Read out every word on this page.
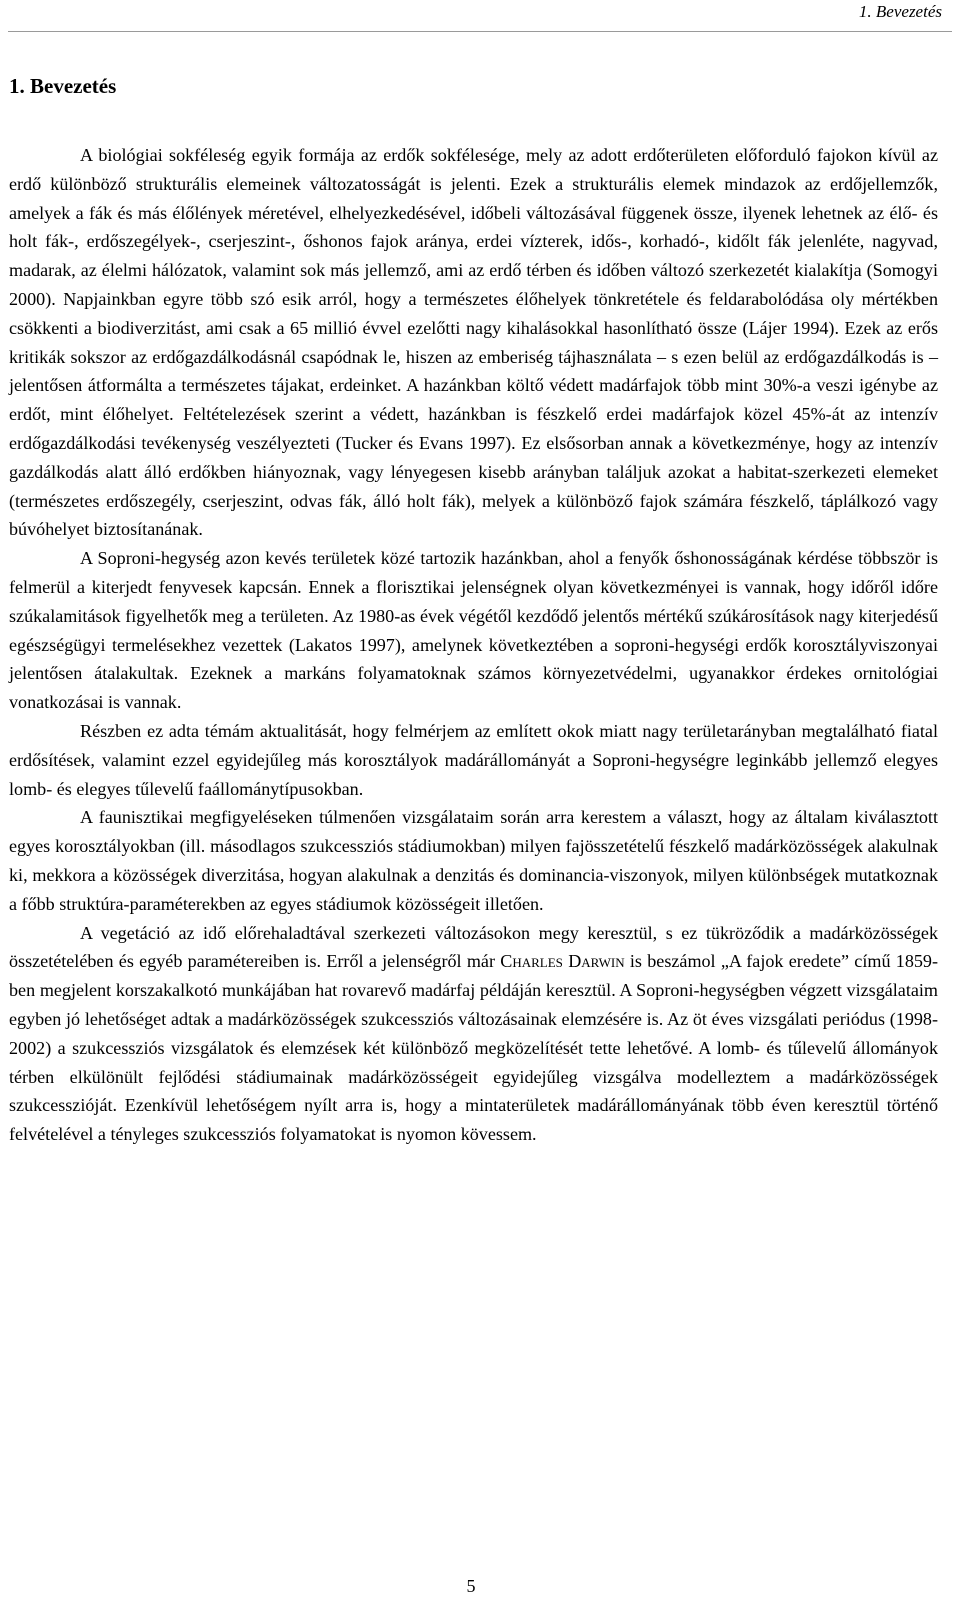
1. Bevezetés
1. Bevezetés

A biológiai sokféleség egyik formája az erdők sokfélesége, mely az adott erdőterületen előforduló fajokon kívül az erdő különböző strukturális elemeinek változatosságát is jelenti. Ezek a strukturális elemek mindazok az erdőjellemzők, amelyek a fák és más élőlények méretével, elhelyezkedésével, időbeli változásával függenek össze, ilyenek lehetnek az élő- és holt fák-, erdőszegélyek-, cserjeszint-, őshonos fajok aránya, erdei vízterek, idős-, korhadó-, kidőlt fák jelenléte, nagyvad, madarak, az élelmi hálózatok, valamint sok más jellemző, ami az erdő térben és időben változó szerkezetét kialakítja (Somogyi 2000). Napjainkban egyre több szó esik arról, hogy a természetes élőhelyek tönkretétele és feldarabolódása oly mértékben csökkenti a biodiverzitást, ami csak a 65 millió évvel ezelőtti nagy kihalásokkal hasonlítható össze (Lájer 1994). Ezek az erős kritikák sokszor az erdőgazdálkodásnál csapódnak le, hiszen az emberiség tájhasználata – s ezen belül az erdőgazdálkodás is – jelentősen átformálta a természetes tájakat, erdeinket. A hazánkban költő védett madárfajok több mint 30%-a veszi igénybe az erdőt, mint élőhelyet. Feltételezések szerint a védett, hazánkban is fészkelő erdei madárfajok közel 45%-át az intenzív erdőgazdálkodási tevékenység veszélyezteti (Tucker és Evans 1997). Ez elsősorban annak a következménye, hogy az intenzív gazdálkodás alatt álló erdőkben hiányoznak, vagy lényegesen kisebb arányban találjuk azokat a habitat-szerkezeti elemeket (természetes erdőszegély, cserjeszint, odvas fák, álló holt fák), melyek a különböző fajok számára fészkelő, táplálkozó vagy búvóhelyet biztosítanának.

A Soproni-hegység azon kevés területek közé tartozik hazánkban, ahol a fenyők őshonosságának kérdése többször is felmerül a kiterjedt fenyvesek kapcsán. Ennek a florisztikai jelenségnek olyan következményei is vannak, hogy időről időre szúkalamitások figyelhetők meg a területen. Az 1980-as évek végétől kezdődő jelentős mértékű szúkárosítások nagy kiterjedésű egészségügyi termelésekhez vezettek (Lakatos 1997), amelynek következtében a soproni-hegységi erdők korosztályviszonyai jelentősen átalakultak. Ezeknek a markáns folyamatoknak számos környezetvédelmi, ugyanakkor érdekes ornitológiai vonatkozásai is vannak.

Részben ez adta témám aktualitását, hogy felmérjem az említett okok miatt nagy területarányban megtalálható fiatal erdősítések, valamint ezzel egyidejűleg más korosztályok madárállományát a Soproni-hegységre leginkább jellemző elegyes lomb- és elegyes tűlevelű faállománytípusokban.

A faunisztikai megfigyeléseken túlmenően vizsgálataim során arra kerestem a választ, hogy az általam kiválasztott egyes korosztályokban (ill. másodlagos szukcessziós stádiumokban) milyen fajösszetételű fészkelő madárközösségek alakulnak ki, mekkora a közösségek diverzitása, hogyan alakulnak a denzitás és dominancia-viszonyok, milyen különbségek mutatkoznak a főbb struktúra-paraméterekben az egyes stádiumok közösségeit illetően.

A vegetáció az idő előrehaladtával szerkezeti változásokon megy keresztül, s ez tükröződik a madárközösségek összetételében és egyéb paramétereiben is. Erről a jelenségről már Charles Darwin is beszámol „A fajok eredete” című 1859-ben megjelent korszakalkotó munkájában hat rovarevő madárfaj példáján keresztül. A Soproni-hegységben végzett vizsgálataim egyben jó lehetőséget adtak a madárközösségek szukcessziós változásainak elemzésére is. Az öt éves vizsgálati periódus (1998-2002) a szukcessziós vizsgálatok és elemzések két különböző megközelítését tette lehetővé. A lomb- és tűlevelű állományok térben elkülönült fejlődési stádiumainak madárközösségeit egyidejűleg vizsgálva modelleztem a madárközösségek szukcesszióját. Ezenkívül lehetőségem nyílt arra is, hogy a mintaterületek madárállományának több éven keresztül történő felvételével a tényleges szukcessziós folyamatokat is nyomon kövessem.

5
